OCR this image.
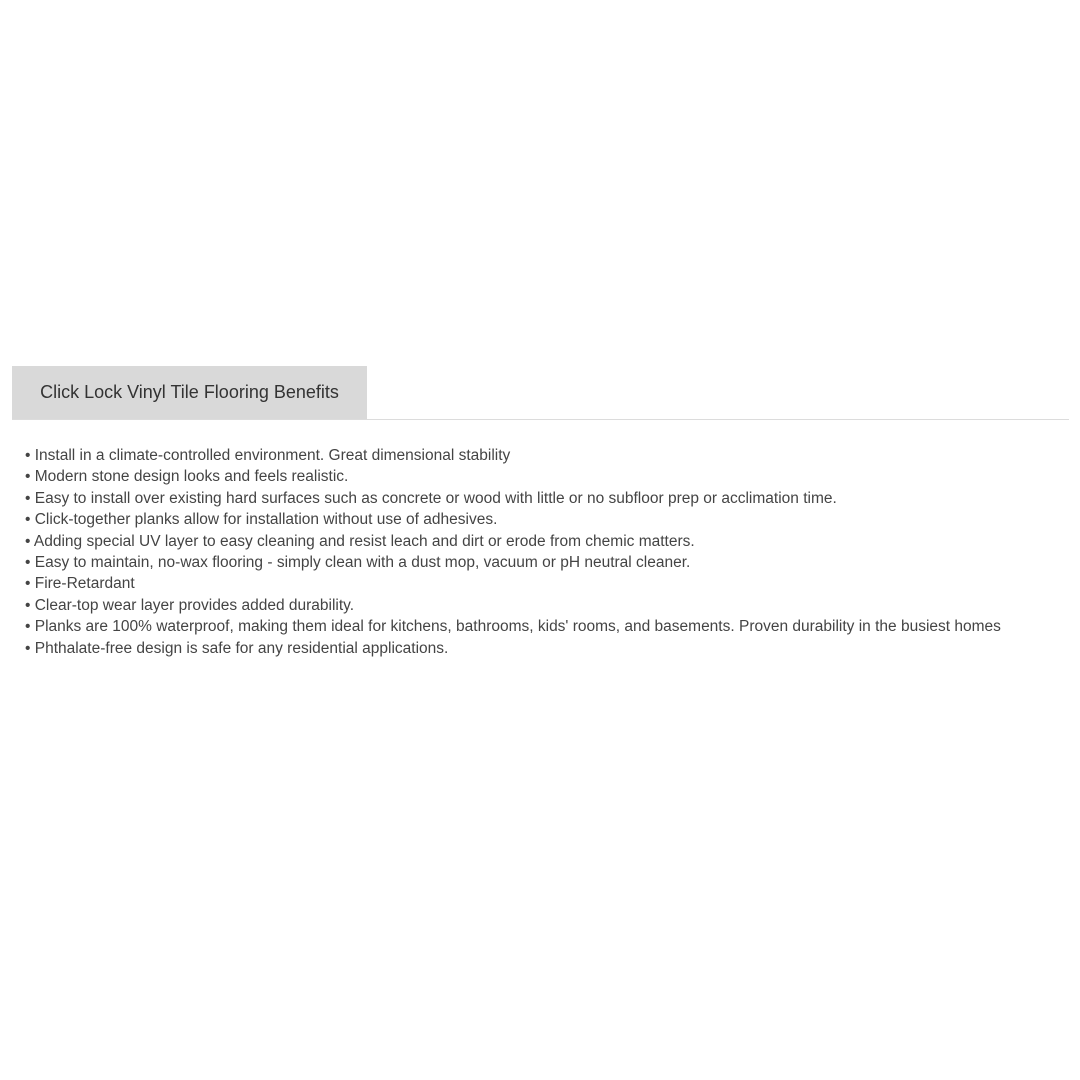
Click Lock Vinyl Tile Flooring Benefits
• Install in a climate-controlled environment. Great dimensional stability
• Modern stone design looks and feels realistic.
• Easy to install over existing hard surfaces such as concrete or wood with little or no subfloor prep or acclimation time.
• Click-together planks allow for installation without use of adhesives.
• Adding special UV layer to easy cleaning and resist leach and dirt or erode from chemic matters.
• Easy to maintain, no-wax flooring - simply clean with a dust mop, vacuum or pH neutral cleaner.
• Fire-Retardant
• Clear-top wear layer provides added durability.
• Planks are 100% waterproof, making them ideal for kitchens, bathrooms, kids' rooms, and basements. Proven durability in the busiest homes
• Phthalate-free design is safe for any residential applications.
